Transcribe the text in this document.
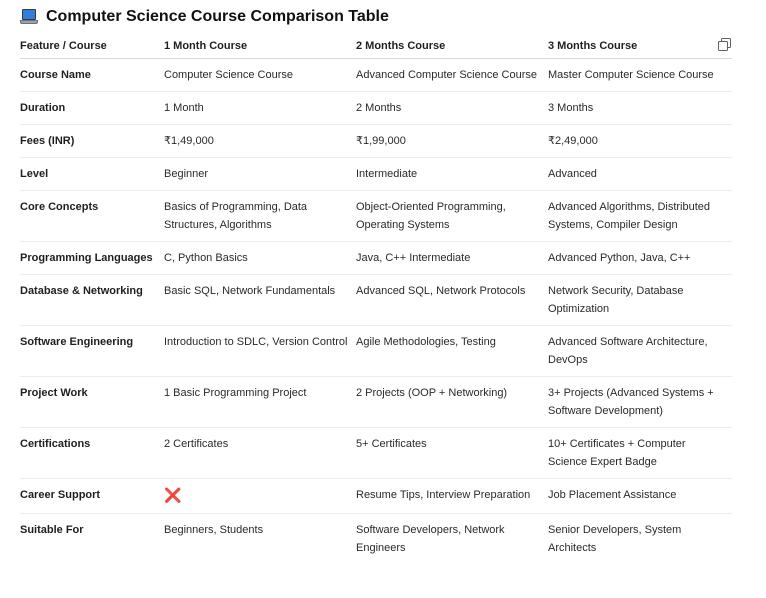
Computer Science Course Comparison Table
Feature / Course	1 Month Course	2 Months Course	3 Months Course
Course Name	Computer Science Course	Advanced Computer Science Course	Master Computer Science Course
Duration	1 Month	2 Months	3 Months
Fees (INR)	₹1,49,000	₹1,99,000	₹2,49,000
Level	Beginner	Intermediate	Advanced
Core Concepts	Basics of Programming, Data Structures, Algorithms	Object-Oriented Programming, Operating Systems	Advanced Algorithms, Distributed Systems, Compiler Design
Programming Languages	C, Python Basics	Java, C++ Intermediate	Advanced Python, Java, C++
Database & Networking	Basic SQL, Network Fundamentals	Advanced SQL, Network Protocols	Network Security, Database Optimization
Software Engineering	Introduction to SDLC, Version Control	Agile Methodologies, Testing	Advanced Software Architecture, DevOps
Project Work	1 Basic Programming Project	2 Projects (OOP + Networking)	3+ Projects (Advanced Systems + Software Development)
Certifications	2 Certificates	5+ Certificates	10+ Certificates + Computer Science Expert Badge
Career Support	❌	Resume Tips, Interview Preparation	Job Placement Assistance
Suitable For	Beginners, Students	Software Developers, Network Engineers	Senior Developers, System Architects
